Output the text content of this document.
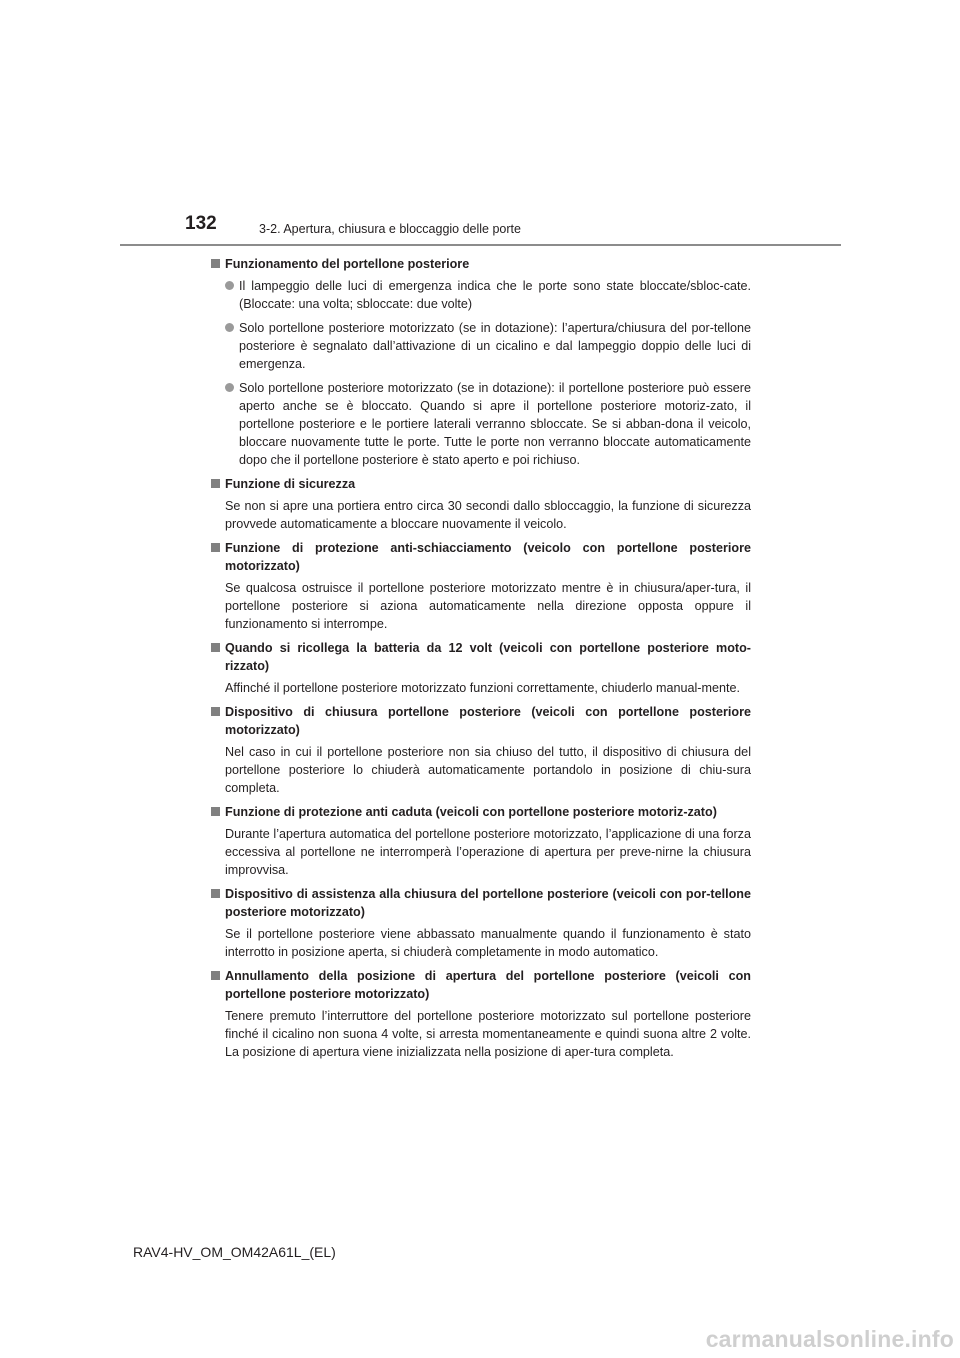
132	3-2. Apertura, chiusura e bloccaggio delle porte
Funzionamento del portellone posteriore
Il lampeggio delle luci di emergenza indica che le porte sono state bloccate/sbloc-cate. (Bloccate: una volta; sbloccate: due volte)
Solo portellone posteriore motorizzato (se in dotazione): l’apertura/chiusura del por-tellone posteriore è segnalato dall’attivazione di un cicalino e dal lampeggio doppio delle luci di emergenza.
Solo portellone posteriore motorizzato (se in dotazione): il portellone posteriore può essere aperto anche se è bloccato. Quando si apre il portellone posteriore motoriz-zato, il portellone posteriore e le portiere laterali verranno sbloccate. Se si abban-dona il veicolo, bloccare nuovamente tutte le porte. Tutte le porte non verranno bloccate automaticamente dopo che il portellone posteriore è stato aperto e poi richiuso.
Funzione di sicurezza
Se non si apre una portiera entro circa 30 secondi dallo sbloccaggio, la funzione di sicurezza provvede automaticamente a bloccare nuovamente il veicolo.
Funzione di protezione anti-schiacciamento (veicolo con portellone posteriore motorizzato)
Se qualcosa ostruisce il portellone posteriore motorizzato mentre è in chiusura/aper-tura, il portellone posteriore si aziona automaticamente nella direzione opposta oppure il funzionamento si interrompe.
Quando si ricollega la batteria da 12 volt (veicoli con portellone posteriore moto-rizzato)
Affinché il portellone posteriore motorizzato funzioni correttamente, chiuderlo manual-mente.
Dispositivo di chiusura portellone posteriore (veicoli con portellone posteriore motorizzato)
Nel caso in cui il portellone posteriore non sia chiuso del tutto, il dispositivo di chiusura del portellone posteriore lo chiuderà automaticamente portandolo in posizione di chiu-sura completa.
Funzione di protezione anti caduta (veicoli con portellone posteriore motoriz-zato)
Durante l’apertura automatica del portellone posteriore motorizzato, l’applicazione di una forza eccessiva al portellone ne interromperà l’operazione di apertura per preve-nirne la chiusura improvvisa.
Dispositivo di assistenza alla chiusura del portellone posteriore (veicoli con por-tellone posteriore motorizzato)
Se il portellone posteriore viene abbassato manualmente quando il funzionamento è stato interrotto in posizione aperta, si chiuderà completamente in modo automatico.
Annullamento della posizione di apertura del portellone posteriore (veicoli con portellone posteriore motorizzato)
Tenere premuto l’interruttore del portellone posteriore motorizzato sul portellone posteriore finché il cicalino non suona 4 volte, si arresta momentaneamente e quindi suona altre 2 volte. La posizione di apertura viene inizializzata nella posizione di aper-tura completa.
RAV4-HV_OM_OM42A61L_(EL)
carmanualsonline.info
